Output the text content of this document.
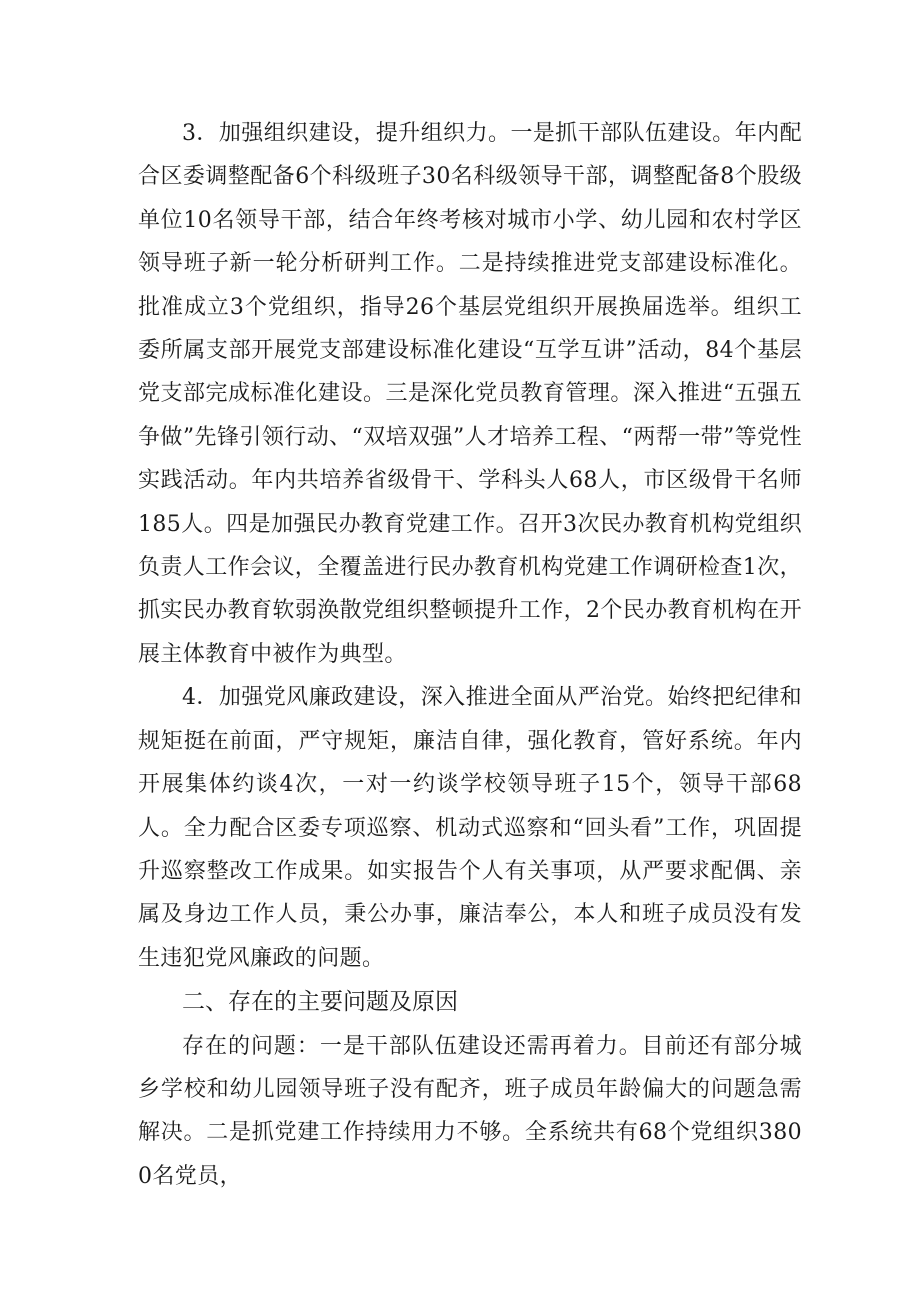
3．加强组织建设，提升组织力。一是抓干部队伍建设。年内配合区委调整配备6个科级班子30名科级领导干部，调整配备8个股级单位10名领导干部，结合年终考核对城市小学、幼儿园和农村学区领导班子新一轮分析研判工作。二是持续推进党支部建设标准化。批准成立3个党组织，指导26个基层党组织开展换届选举。组织工委所属支部开展党支部建设标准化建设“互学互讲”活动，84个基层党支部完成标准化建设。三是深化党员教育管理。深入推进“五强五争做”先锋引领行动、“双培双强”人才培养工程、“两帮一带”等党性实践活动。年内共培养省级骨干、学科头人68人，市区级骨干名师185人。四是加强民办教育党建工作。召开3次民办教育机构党组织负责人工作会议，全覆盖进行民办教育机构党建工作调研检查1次，抓实民办教育软弱涣散党组织整顿提升工作，2个民办教育机构在开展主体教育中被作为典型。

4．加强党风廉政建设，深入推进全面从严治党。始终把纪律和规矩挺在前面，严守规矩，廉洁自律，强化教育，管好系统。年内开展集体约谈4次，一对一约谈学校领导班子15个，领导干部68人。全力配合区委专项巡察、机动式巡察和“回头看”工作，巩固提升巡察整改工作成果。如实报告个人有关事项，从严要求配偶、亲属及身边工作人员，秉公办事，廉洁奉公，本人和班子成员没有发生违犯党风廉政的问题。

二、存在的主要问题及原因

存在的问题：一是干部队伍建设还需再着力。目前还有部分城乡学校和幼儿园领导班子没有配齐，班子成员年龄偏大的问题急需解决。二是抓党建工作持续用力不够。全系统共有68个党组织3800名党员，
